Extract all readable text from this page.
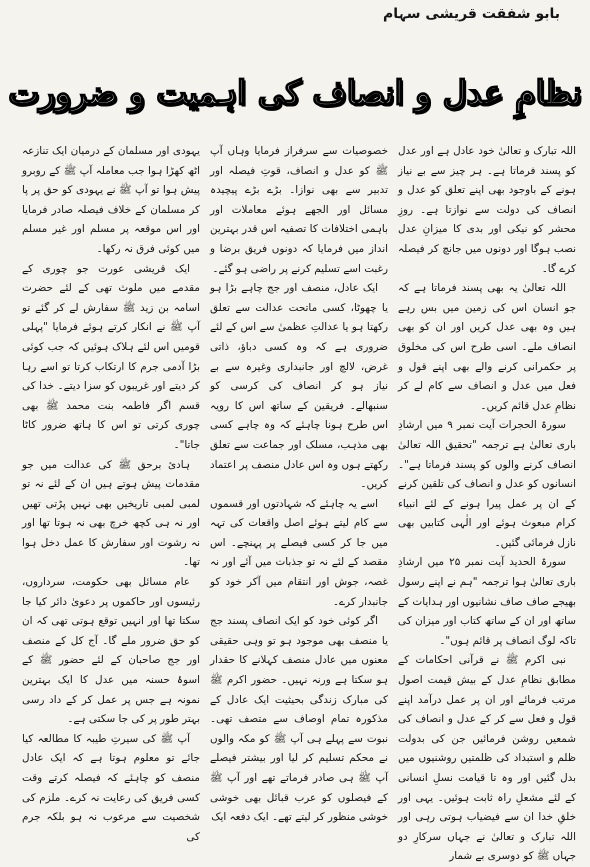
بابو شفقت قریشی سہام
نظامِ عدل و انصاف کی اہمیت و ضرورت

اللہ تبارک و تعالیٰ خود عادل ہے اور عدل کو پسند فرماتا ہے۔ ہر چیز سے بے نیاز ہونے کے باوجود بھی اپنے تعلق کو عدل و انصاف کی دولت سے نوازتا ہے۔ روزِ محشر کو نیکی اور بدی کا میزانِ عدل نصب ہوگا اور دونوں میں جانچ کر فیصلہ کرے گا۔

اللہ تعالیٰ یہ بھی پسند فرماتا ہے کہ جو انسان اس کی زمین میں بس رہے ہیں وہ بھی عدل کریں اور ان کو بھی انصاف ملے۔ اسی طرح اس کی مخلوق پر حکمرانی کرنے والے بھی اپنے قول و فعل میں عدل و انصاف سے کام لے کر نظامِ عدل قائم کریں۔

سورۃ الحجرات آیت نمبر ۹ میں ارشادِ باری تعالیٰ ہے ترجمہ "تحقیق اللہ تعالیٰ انصاف کرنے والوں کو پسند فرماتا ہے"۔ انسانوں کو عدل و انصاف کی تلقین کرنے کے ان پر عمل پیرا ہونے کے لئے انبیاء کرام مبعوث ہوئے اور الٰہی کتابیں بھی نازل فرمائی گئیں۔

سورۃ الحدید آیت نمبر ۲۵ میں ارشادِ باری تعالیٰ ہوا ترجمہ "ہم نے اپنے رسول بھیجے صاف صاف نشانیوں اور ہدایات کے ساتھ اور ان کے ساتھ کتاب اور میزان کی تاکہ لوگ انصاف پر قائم ہوں"۔

نبی اکرم ﷺ نے قرآنی احکامات کے مطابق نظامِ عدل کے بیش قیمت اصول مرتب فرمائے اور ان پر عمل درآمد اپنے قول و فعل سے کر کے عدل و انصاف کی شمعیں روشن فرمائیں جن کی بدولت ظلم و استبداد کی ظلمتیں روشنیوں میں بدل گئیں اور وہ تا قیامت نسلِ انسانی کے لئے مشعلِ راہ ثابت ہوئیں۔ یہی اور خلقِ خدا ان سے فیضیاب ہوتی رہی اور اللہ تبارک و تعالیٰ نے جہاں سرکارِ دو جہاں ﷺ کو دوسری بے شمار

خصوصیات سے سرفراز فرمایا وہاں آپ ﷺ کو عدل و انصاف، قوتِ فیصلہ اور تدبیر سے بھی نوازا۔ بڑے بڑے پیچیدہ مسائل اور الجھے ہوئے معاملات اور باہمی اختلافات کا تصفیہ اس قدر بہترین انداز میں فرمایا کہ دونوں فریق برضا و رغبت اسے تسلیم کرنے پر راضی ہو گئے۔

ایک عادل، منصف اور جج چاہے بڑا ہو یا چھوٹا، کسی ماتحت عدالت سے تعلق رکھتا ہو یا عدالتِ عظمیٰ سے اس کے لئے ضروری ہے کہ وہ کسی دباؤ، ذاتی غرض، لالچ اور جانبداری وغیرہ سے بے نیاز ہو کر انصاف کی کرسی کو سنبھالے۔ فریقین کے ساتھ اس کا رویہ اس طرح ہونا چاہئے کہ وہ چاہے کسی بھی مذہب، مسلک اور جماعت سے تعلق رکھتے ہوں وہ اس عادل منصف پر اعتماد کریں۔

اسے یہ چاہئے کہ شہادتوں اور قسموں سے کام لیتے ہوئے اصل واقعات کی تہہ میں جا کر کسی فیصلے پر پہنچے۔ اس مقصد کے لئے نہ تو جذبات میں آئے اور نہ غصہ، جوش اور انتقام میں آکر خود کو جانبدار کرے۔

اگر کوئی خود کو ایک انصاف پسند جج یا منصف بھی موجود ہو تو وہی حقیقی معنوں میں عادل منصف کہلانے کا حقدار ہو سکتا ہے ورنہ نہیں۔ حضور اکرم ﷺ کی مبارک زندگی بحیثیت ایک عادل کے مذکورہ تمام اوصاف سے متصف تھی۔ نبوت سے پہلے ہی آپ ﷺ کو مکہ والوں نے محکم تسلیم کر لیا اور بیشتر فیصلے آپ ﷺ ہی صادر فرماتے تھے اور آپ ﷺ کے فیصلوں کو عرب قبائل بھی خوشی خوشی منظور کر لیتے تھے۔ ایک دفعہ ایک

یہودی اور مسلمان کے درمیان ایک تنازعہ اٹھ کھڑا ہوا جب معاملہ آپ ﷺ کے روبرو پیش ہوا تو آپ ﷺ نے یہودی کو حق پر پا کر مسلمان کے خلاف فیصلہ صادر فرمایا اور اس موقعہ پر مسلم اور غیر مسلم میں کوئی فرق نہ رکھا۔

ایک قریشی عورت جو چوری کے مقدمے میں ملوث تھی کے لئے حضرت اسامہ بن زید ﷺ سفارش لے کر گئے تو آپ ﷺ نے انکار کرتے ہوئے فرمایا "پہلی قومیں اس لئے ہلاک ہوئیں کہ جب کوئی بڑا آدمی جرم کا ارتکاب کرتا تو اسے رہا کر دیتے اور غریبوں کو سزا دیتے۔ خدا کی قسم اگر فاطمہ بنت محمد ﷺ بھی چوری کرتی تو اس کا ہاتھ ضرور کاٹا جاتا"۔

ہادیٔ برحق ﷺ کی عدالت میں جو مقدمات پیش ہوتے ہیں ان کے لئے نہ تو لمبی لمبی تاریخیں بھی نہیں پڑتی تھیں اور نہ ہی کچھ خرچ بھی نہ ہوتا تھا اور نہ رشوت اور سفارش کا عمل دخل ہوا تھا۔

عام مسائل بھی حکومت، سرداروں، رئیسوں اور حاکموں پر دعویٰ دائر کیا جا سکتا تھا اور انہیں توقع ہوتی تھی کہ ان کو حق ضرور ملے گا۔ آج کل کے منصف اور جج صاحبان کے لئے حضور ﷺ کے اسوۂ حسنہ میں عدل کا ایک بہترین نمونہ ہے جس پر عمل کر کے داد رسی بہتر طور پر کی جا سکتی ہے۔

آپ ﷺ کی سیرتِ طیبہ کا مطالعہ کیا جائے تو معلوم ہوتا ہے کہ ایک عادل منصف کو چاہئے کہ فیصلہ کرتے وقت کسی فریق کی رعایت نہ کرے۔ ملزم کی شخصیت سے مرعوب نہ ہو بلکہ جرم کی
